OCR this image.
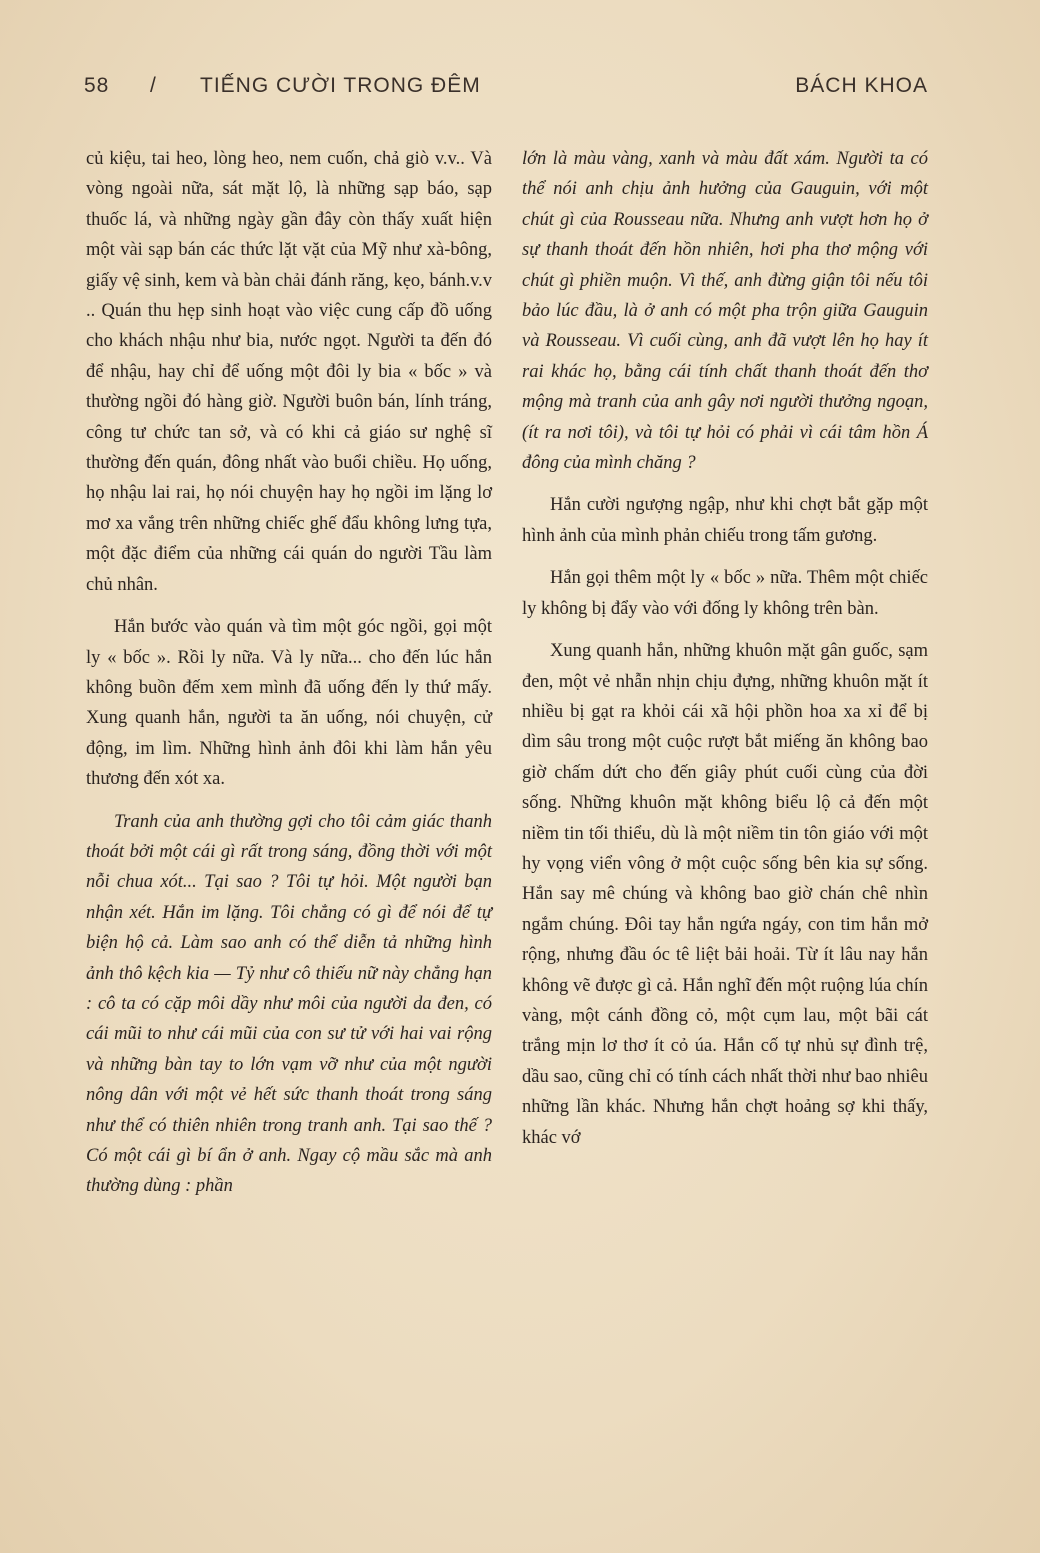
58 / TIẾNG CƯỜI TRONG ĐÊM	BÁCH KHOA

củ kiệu, tai heo, lòng heo, nem cuốn, chả giò v.v.. Và vòng ngoài nữa, sát mặt lộ, là những sạp báo, sạp thuốc lá, và những ngày gần đây còn thấy xuất hiện một vài sạp bán các thức lặt vặt của Mỹ như xà-bông, giấy vệ sinh, kem và bàn chải đánh răng, kẹo, bánh.v.v .. Quán thu hẹp sinh hoạt vào việc cung cấp đồ uống cho khách nhậu như bia, nước ngọt. Người ta đến đó để nhậu, hay chỉ để uống một đôi ly bia « bốc » và thường ngồi đó hàng giờ. Người buôn bán, lính tráng, công tư chức tan sở, và có khi cả giáo sư nghệ sĩ thường đến quán, đông nhất vào buổi chiều. Họ uống, họ nhậu lai rai, họ nói chuyện hay họ ngồi im lặng lơ mơ xa vắng trên những chiếc ghế đẩu không lưng tựa, một đặc điểm của những cái quán do người Tầu làm chủ nhân.

Hắn bước vào quán và tìm một góc ngồi, gọi một ly « bốc ». Rồi ly nữa. Và ly nữa... cho đến lúc hắn không buồn đếm xem mình đã uống đến ly thứ mấy. Xung quanh hắn, người ta ăn uống, nói chuyện, cử động, im lìm. Những hình ảnh đôi khi làm hắn yêu thương đến xót xa.

Tranh của anh thường gợi cho tôi cảm giác thanh thoát bởi một cái gì rất trong sáng, đồng thời với một nỗi chua xót... Tại sao ? Tôi tự hỏi. Một người bạn nhận xét. Hắn im lặng. Tôi chẳng có gì để nói để tự biện hộ cả. Làm sao anh có thể diễn tả những hình ảnh thô kệch kia — Tỷ như cô thiếu nữ này chẳng hạn : cô ta có cặp môi dầy như môi của người da đen, có cái mũi to như cái mũi của con sư tử với hai vai rộng và những bàn tay to lớn vạm vỡ như của một người nông dân với một vẻ hết sức thanh thoát trong sáng như thể có thiên nhiên trong tranh anh. Tại sao thế ? Có một cái gì bí ẩn ở anh. Ngay cộ mầu sắc mà anh thường dùng : phần

lớn là màu vàng, xanh và màu đất xám. Người ta có thể nói anh chịu ảnh hưởng của Gauguin, với một chút gì của Rousseau nữa. Nhưng anh vượt hơn họ ở sự thanh thoát đến hồn nhiên, hơi pha thơ mộng với chút gì phiền muộn. Vì thế, anh đừng giận tôi nếu tôi bảo lúc đầu, là ở anh có một pha trộn giữa Gauguin và Rousseau. Vì cuối cùng, anh đã vượt lên họ hay ít rai khác họ, bằng cái tính chất thanh thoát đến thơ mộng mà tranh của anh gây nơi người thưởng ngoạn, (ít ra nơi tôi), và tôi tự hỏi có phải vì cái tâm hồn Á đông của mình chăng ?

Hắn cười ngượng ngập, như khi chợt bắt gặp một hình ảnh của mình phản chiếu trong tấm gương.

Hắn gọi thêm một ly « bốc » nữa. Thêm một chiếc ly không bị đẩy vào với đống ly không trên bàn.

Xung quanh hắn, những khuôn mặt gân guốc, sạm đen, một vẻ nhẫn nhịn chịu đựng, những khuôn mặt ít nhiều bị gạt ra khỏi cái xã hội phồn hoa xa xỉ để bị dìm sâu trong một cuộc rượt bắt miếng ăn không bao giờ chấm dứt cho đến giây phút cuối cùng của đời sống. Những khuôn mặt không biểu lộ cả đến một niềm tin tối thiểu, dù là một niềm tin tôn giáo với một hy vọng viển vông ở một cuộc sống bên kia sự sống. Hắn say mê chúng và không bao giờ chán chê nhìn ngắm chúng. Đôi tay hắn ngứa ngáy, con tim hắn mở rộng, nhưng đầu óc tê liệt bải hoải. Từ ít lâu nay hắn không vẽ được gì cả. Hắn nghĩ đến một ruộng lúa chín vàng, một cánh đồng cỏ, một cụm lau, một bãi cát trắng mịn lơ thơ ít cỏ úa. Hắn cố tự nhủ sự đình trệ, dầu sao, cũng chỉ có tính cách nhất thời như bao nhiêu những lần khác. Nhưng hắn chợt hoảng sợ khi thấy, khác vớ
